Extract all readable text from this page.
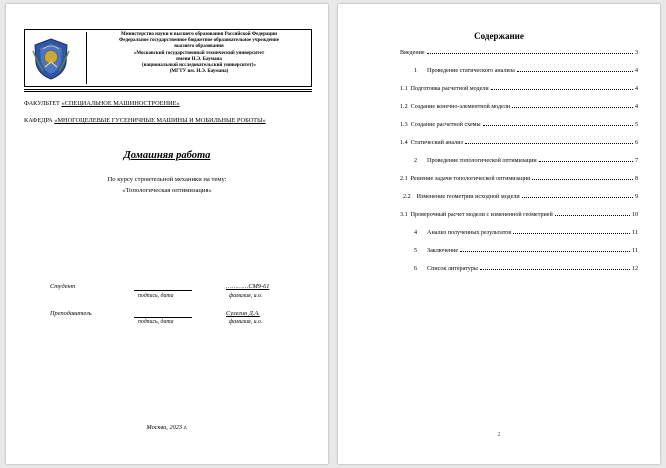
Министерство науки и высшего образования Российской Федерации
Федеральное государственное бюджетное образовательное учреждение
высшего образования
«Московский государственный технический университет
имени Н.Э. Баумана
(национальный исследовательский университет)»
(МГТУ им. Н.Э. Баумана)
ФАКУЛЬТЕТ «СПЕЦИАЛЬНОЕ МАШИНОСТРОЕНИЕ»
КАФЕДРА «МНОГОЦЕЛЕВЫЕ ГУСЕНИЧНЫЕ МАШИНЫ И МОБИЛЬНЫЕ РОБОТЫ»
Домашняя работа
По курсу строительной механики на тему:
«Топологическая оптимизация»
Студент	…………СМ9-61
подпись, дата	фамилия, и.о.
Преподаватель	Сулегин Д.А.
подпись, дата	фамилия, и.о.
Москва, 2023 г.
Содержание
Введение	3
1 Проведение статического анализа	4
1.1 Подготовка расчетной модели	4
1.2 Создание конечно-элементной модели	4
1.3 Создание расчетной схемы	5
1.4 Статический анализ	6
2 Проведение топологической оптимизации	7
2.1 Решение задачи топологической оптимизации	8
2.2 Изменение геометрии исходной модели	9
3.1 Проверочный расчет модели с измененной геометрией	10
4 Анализ полученных результатов	11
5 Заключение	11
6 Список литературы	12
2
